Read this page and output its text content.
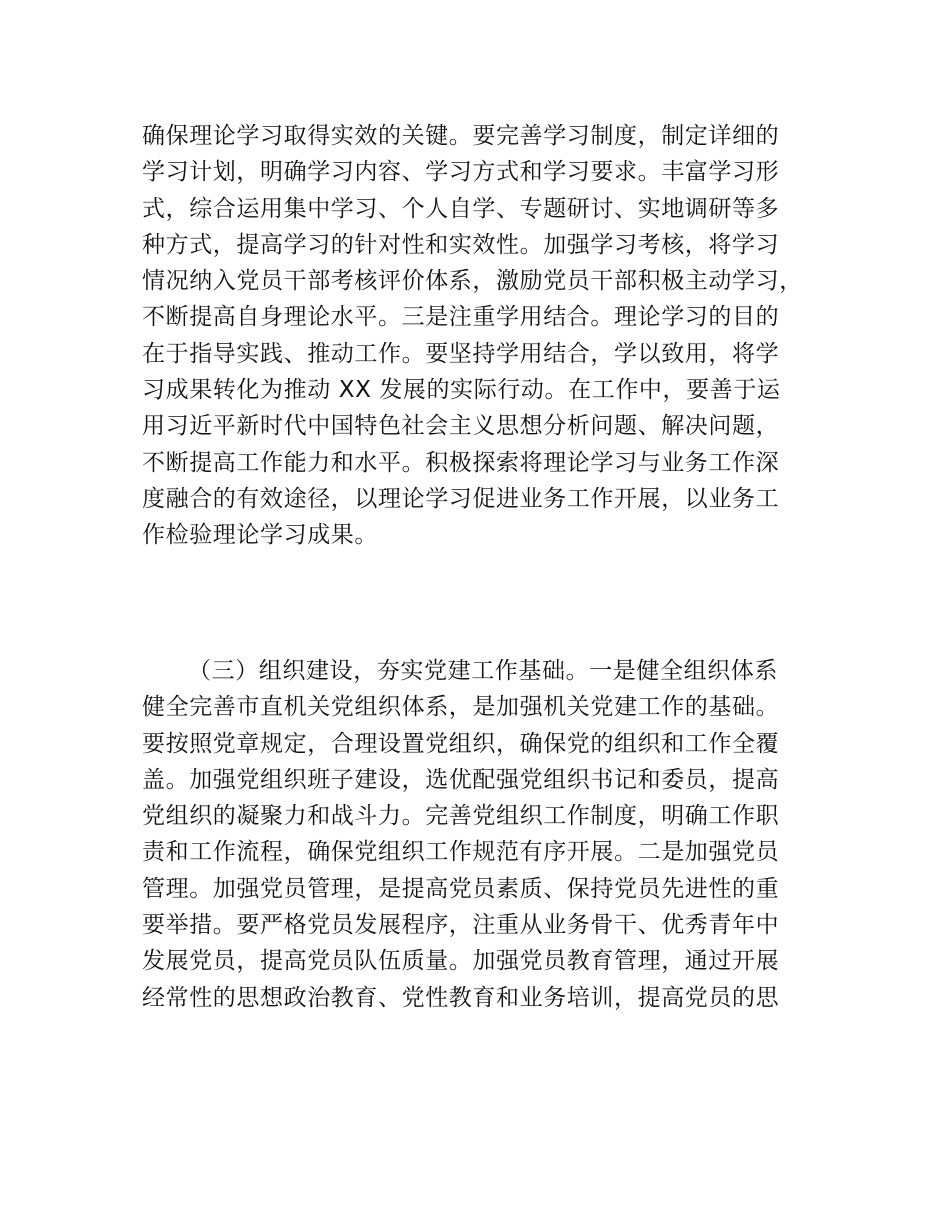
确保理论学习取得实效的关键。要完善学习制度，制定详细的
学习计划，明确学习内容、学习方式和学习要求。丰富学习形
式，综合运用集中学习、个人自学、专题研讨、实地调研等多
种方式，提高学习的针对性和实效性。加强学习考核，将学习
情况纳入党员干部考核评价体系，激励党员干部积极主动学习，
不断提高自身理论水平。三是注重学用结合。理论学习的目的
在于指导实践、推动工作。要坚持学用结合，学以致用，将学
习成果转化为推动 XX 发展的实际行动。在工作中，要善于运
用习近平新时代中国特色社会主义思想分析问题、解决问题，
不断提高工作能力和水平。积极探索将理论学习与业务工作深
度融合的有效途径，以理论学习促进业务工作开展，以业务工
作检验理论学习成果。
（三）组织建设，夯实党建工作基础。一是健全组织体系
健全完善市直机关党组织体系，是加强机关党建工作的基础。
要按照党章规定，合理设置党组织，确保党的组织和工作全覆
盖。加强党组织班子建设，选优配强党组织书记和委员，提高
党组织的凝聚力和战斗力。完善党组织工作制度，明确工作职
责和工作流程，确保党组织工作规范有序开展。二是加强党员
管理。加强党员管理，是提高党员素质、保持党员先进性的重
要举措。要严格党员发展程序，注重从业务骨干、优秀青年中
发展党员，提高党员队伍质量。加强党员教育管理，通过开展
经常性的思想政治教育、党性教育和业务培训，提高党员的思
